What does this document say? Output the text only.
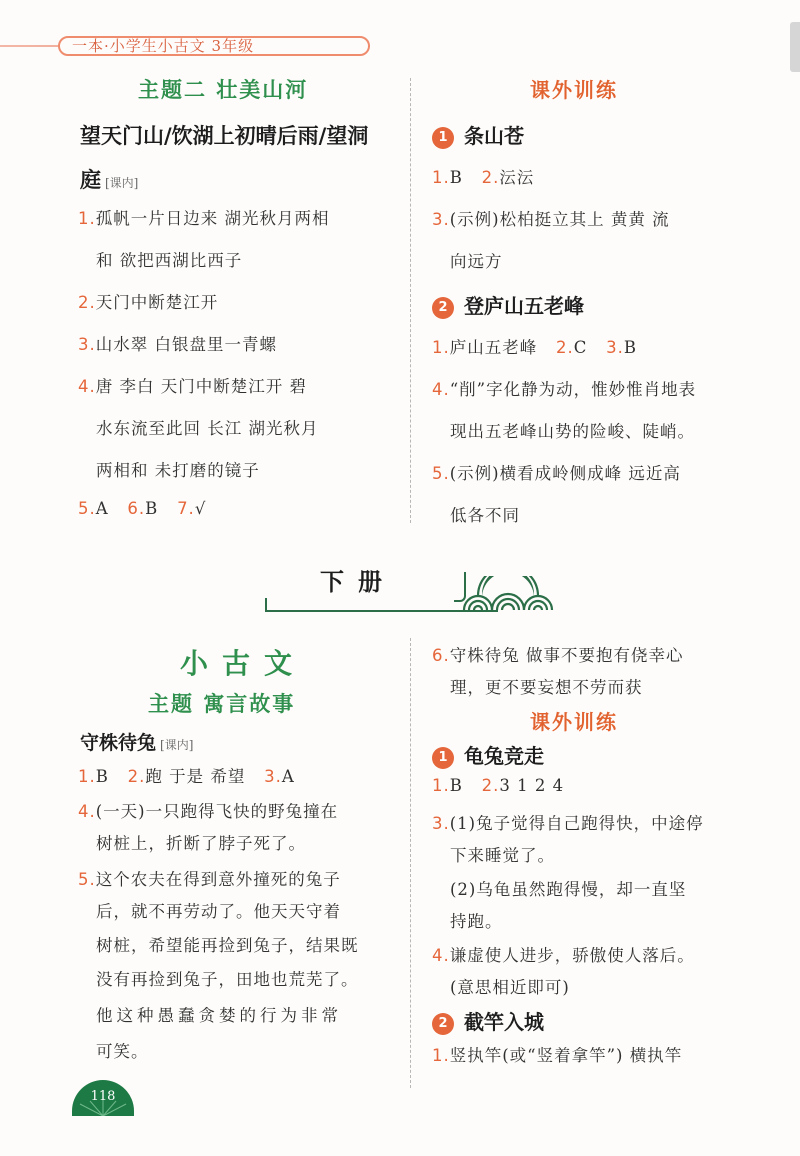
一本·小学生小古文 3年级
主题二 壮美山河
望天门山/饮湖上初晴后雨/望洞
庭 [课内]
1.孤帆一片日边来 湖光秋月两相
和 欲把西湖比西子
2.天门中断楚江开
3.山水翠 白银盘里一青螺
4.唐 李白 天门中断楚江开 碧
水东流至此回 长江 湖光秋月
两相和 未打磨的镜子
5.A 6.B 7.√
课外训练
1 条山苍
1.B 2.沄沄
3.(示例)松柏挺立其上 黄黄 流
向远方
2 登庐山五老峰
1.庐山五老峰 2.C 3.B
4.“削”字化静为动，惟妙惟肖地表
现出五老峰山势的险峻、陡峭。
5.(示例)横看成岭侧成峰 远近高
低各不同
下册
小古文
主题 寓言故事
守株待兔 [课内]
1.B 2.跑 于是 希望 3.A
4.(一天)一只跑得飞快的野兔撞在
树桩上，折断了脖子死了。
5.这个农夫在得到意外撞死的兔子
后，就不再劳动了。他天天守着
树桩，希望能再捡到兔子，结果既
没有再捡到兔子，田地也荒芜了。
他这种愚蠢贪婪的行为非常
可笑。
6.守株待兔 做事不要抱有侥幸心
理，更不要妄想不劳而获
课外训练
1 龟兔竞走
1.B 2.3 1 2 4
3.(1)兔子觉得自己跑得快，中途停
下来睡觉了。
(2)乌龟虽然跑得慢，却一直坚
持跑。
4.谦虚使人进步，骄傲使人落后。
(意思相近即可)
2 截竿入城
1.竖执竿(或“竖着拿竿”) 横执竿
118
